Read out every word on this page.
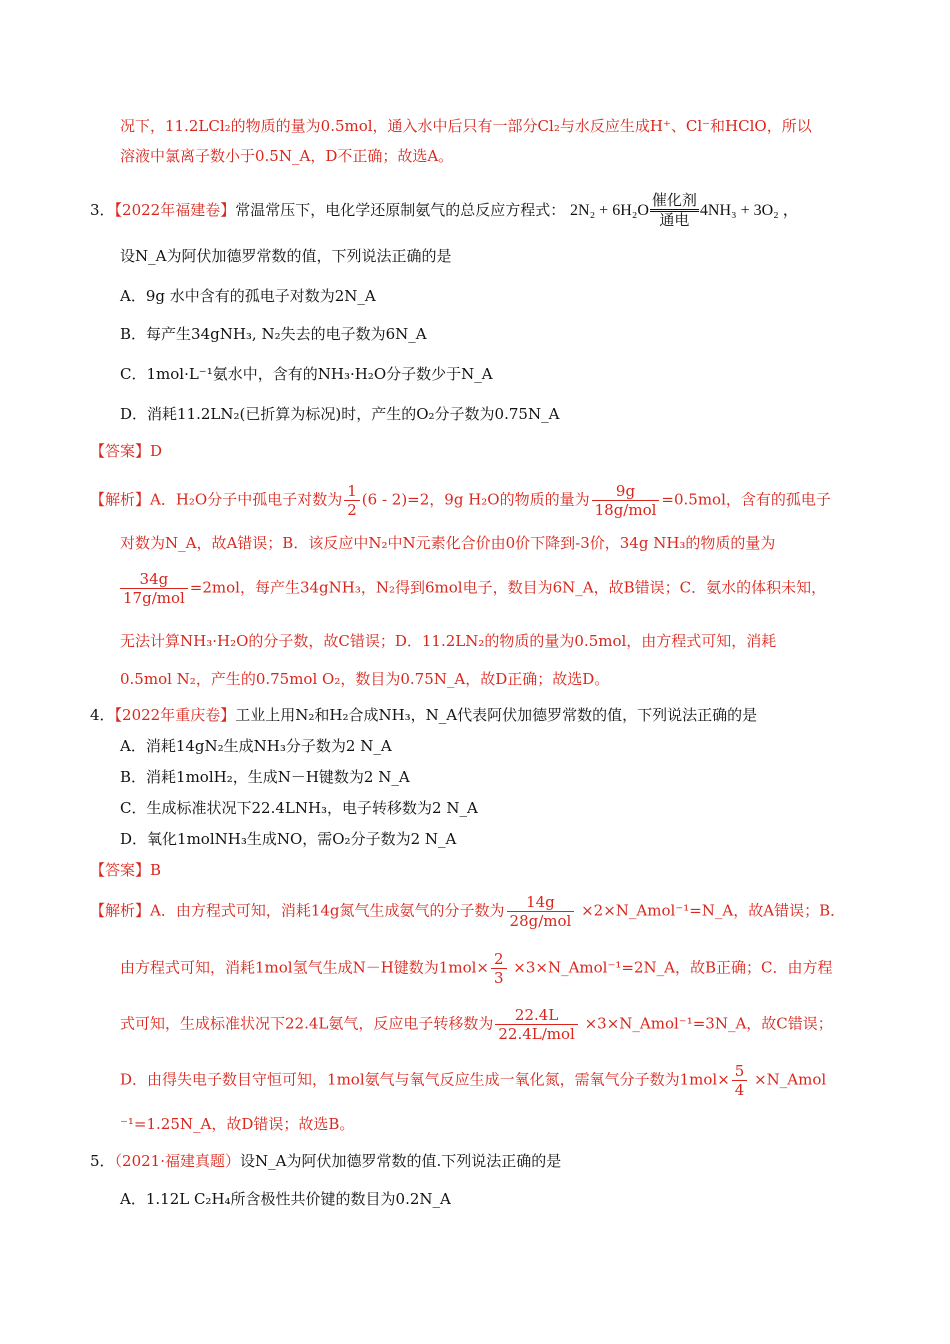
况下，11.2LCl₂的物质的量为0.5mol，通入水中后只有一部分Cl₂与水反应生成H⁺、Cl⁻和HClO，所以
溶液中氯离子数小于0.5N_A，D不正确；故选A。
3．【2022年福建卷】常温常压下，电化学还原制氨气的总反应方程式： 2N₂ + 6H₂O
催化剂
通电
4NH₃ + 3O₂ ，
设N_A为阿伏加德罗常数的值，下列说法正确的是
A．9g 水中含有的孤电子对数为2N_A
B．每产生34gNH₃, N₂失去的电子数为6N_A
C．1mol·L⁻¹氨水中，含有的NH₃·H₂O分子数少于N_A
D．消耗11.2LN₂(已折算为标况)时，产生的O₂分子数为0.75N_A
【答案】D
【解析】A．H₂O分子中孤电子对数为 $\frac{1}{2} (6 - 2)=2$，9g H₂O的物质的量为 $\frac{9g}{\text{18g/mol}} =0.5mol$，含有的孤电子
对数为N_A，故A错误；B．该反应中N₂中N元素化合价由0价下降到-3价，34g NH₃的物质的量为
$\frac{34g}{\text{17g/mol}} =2mol$，每产生34gNH₃，N₂得到6mol电子，数目为6N_A，故B错误；C．氨水的体积未知，
无法计算NH₃·H₂O的分子数，故C错误；D．11.2LN₂的物质的量为0.5mol，由方程式可知，消耗
0.5mol N₂，产生的0.75mol O₂，数目为0.75N_A，故D正确；故选D。
4．【2022年重庆卷】工业上用N₂和H₂合成NH₃，N_A代表阿伏加德罗常数的值，下列说法正确的是
A．消耗14gN₂生成NH₃分子数为2 N_A
B．消耗1molH₂，生成N－H键数为2 N_A
C．生成标准状况下22.4LNH₃，电子转移数为2 N_A
D．氧化1molNH₃生成NO，需O₂分子数为2 N_A
【答案】B
【解析】A．由方程式可知，消耗14g氮气生成氨气的分子数为 $\frac{14g}{\text{28g/mol}}$ ×2×N_Amol⁻¹=N_A，故A错误；B．
由方程式可知，消耗1mol氢气生成N－H键数为$1mol\times \frac{2}{3}$ ×3×N_Amol⁻¹=2N_A，故B正确；C．由方程
式可知，生成标准状况下22.4L氨气，反应电子转移数为 $\frac{22.4L}{\text{22.4L/mol}}$ ×3×N_Amol⁻¹=3N_A，故C错误；
D．由得失电子数目守恒可知，1mol氨气与氧气反应生成一氧化氮，需氧气分子数为$1mol\times \frac{5}{4}$ ×N_Amol
⁻¹=1.25N_A，故D错误；故选B。
5．（2021·福建真题）设N_A为阿伏加德罗常数的值.下列说法正确的是
A．1.12L C₂H₄所含极性共价键的数目为0.2N_A
